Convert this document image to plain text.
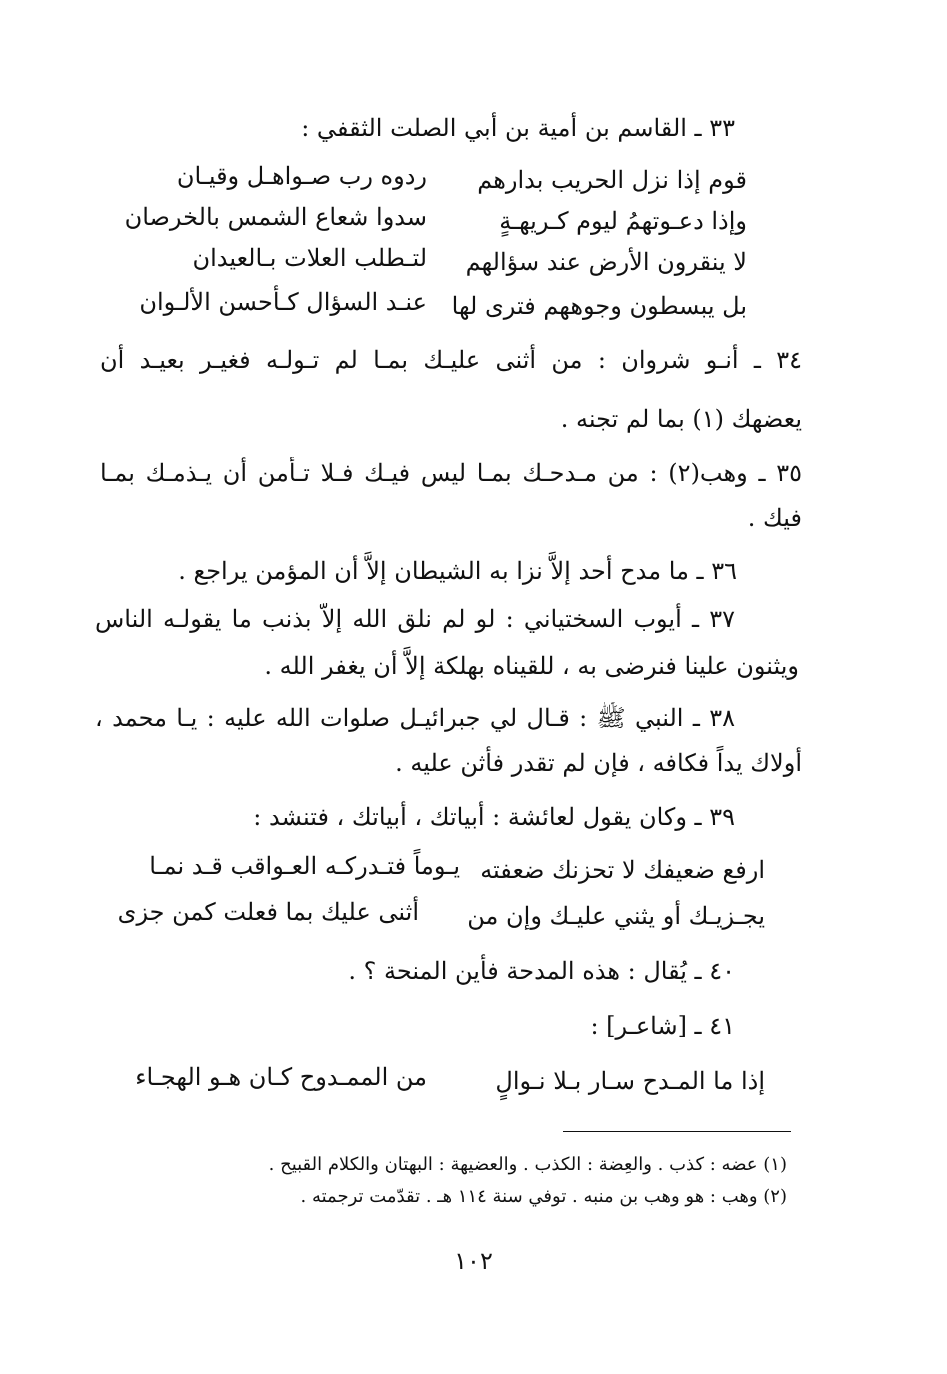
٣٣ ـ القاسم بن أمية بن أبي الصلت الثقفي :
قوم إذا نزل الحريب بدارهم
ردوه رب صـواهـل وقيـان
وإذا دعـوتهمُ ليوم كـريهـةٍ
سدوا شعاع الشمس بالخرصان
لا ينقرون الأرض عند سؤالهم
لتـطلب العلات بـالعيدان
بل يبسطون وجوههم فترى لها
عنـد السؤال كـأحسن الألـوان
٣٤ ـ أنـو شروان : من أثنى عليـك بمـا لم تـولـه فغيـر بعيـد أن
يعضهك (١) بما لم تجنه .
٣٥ ـ وهب(٢) : من مـدحـك بمـا ليس فيـك فـلا تـأمن أن يـذمـك بمـا
فيك .
٣٦ ـ ما مدح أحد إلاَّ نزا به الشيطان إلاَّ أن المؤمن يراجع .
٣٧ ـ أيوب السختياني : لو لم نلق الله إلاَّ بذنب ما يقولـه الناس
ويثنون علينا فنرضى به ، للقيناه بهلكة إلاَّ أن يغفر الله .
٣٨ ـ النبي ﷺ : قـال لي جبرائيـل صلوات الله عليه : يـا محمد ،
أولاك يداً فكافه ، فإن لم تقدر فأثن عليه .
٣٩ ـ وكان يقول لعائشة : أبياتك ، أبياتك ، فتنشد :
ارفع ضعيفك لا تحزنك ضعفته
يـوماً فتـدركـه العـواقب قـد نمـا
يجـزيـك أو يثني عليـك وإن من
أثنى عليك بما فعلت كمن جزى
٤٠ ـ يُقال : هذه المدحة فأين المنحة ؟ .
٤١ ـ [شاعـر] :
إذا ما المـدح سـار بـلا نـوالٍ
من الممـدوح كـان هـو الهجـاء
(١) عضه : كذب . والعِضة : الكذب . والعضيهة : البهتان والكلام القبيح .
(٢) وهب : هو وهب بن منبه . توفي سنة ١١٤ هـ . تقدّمت ترجمته .
١٠٢
